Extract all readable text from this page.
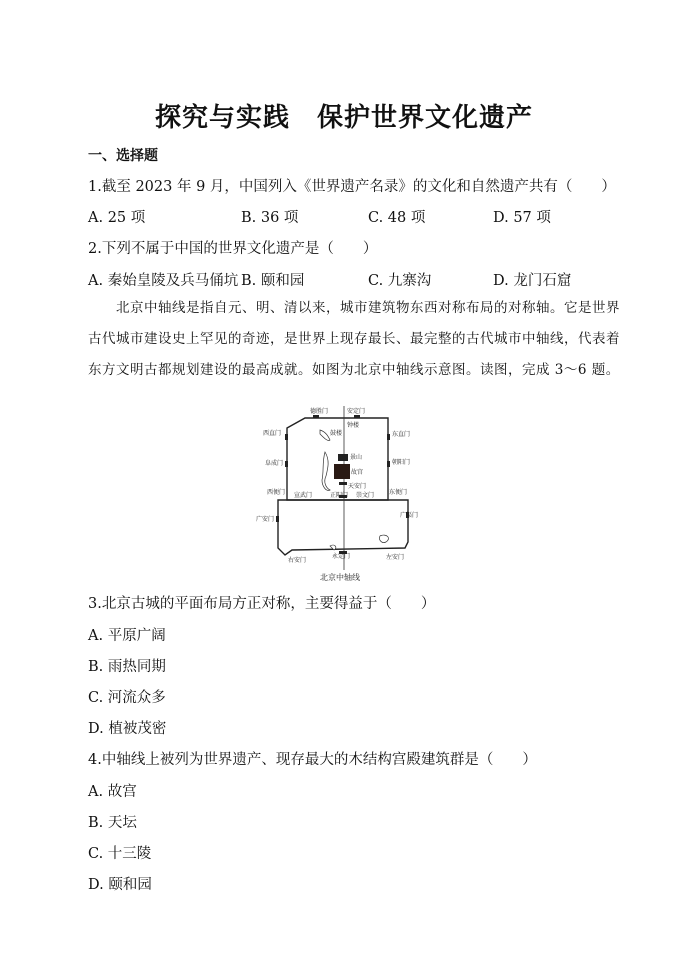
探究与实践　保护世界文化遗产
一、选择题
1.截至 2023 年 9 月，中国列入《世界遗产名录》的文化和自然遗产共有（　　）
A. 25 项	B. 36 项	C. 48 项	D. 57 项
2.下列不属于中国的世界文化遗产是（　　）
A. 秦始皇陵及兵马俑坑 B. 颐和园	C. 九寨沟	D. 龙门石窟
北京中轴线是指自元、明、清以来，城市建筑物东西对称布局的对称轴。它是世界古代城市建设史上罕见的奇迹，是世界上现存最长、最完整的古代城市中轴线，代表着东方文明古都规划建设的最高成就。如图为北京中轴线示意图。读图，完成 3～6 题。
德胜门	安定门
钟楼
鼓楼
西直门	东直门
景山
阜成门	朝阳门
故宫
天安门
西便门 宣武门	正阳门 崇文门 东便门
广安门
广渠门
右安门
永定门	左安门
北京中轴线
3.北京古城的平面布局方正对称，主要得益于（　　）
A. 平原广阔
B. 雨热同期
C. 河流众多
D. 植被茂密
4.中轴线上被列为世界遗产、现存最大的木结构宫殿建筑群是（　　）
A. 故宫
B. 天坛
C. 十三陵
D. 颐和园
